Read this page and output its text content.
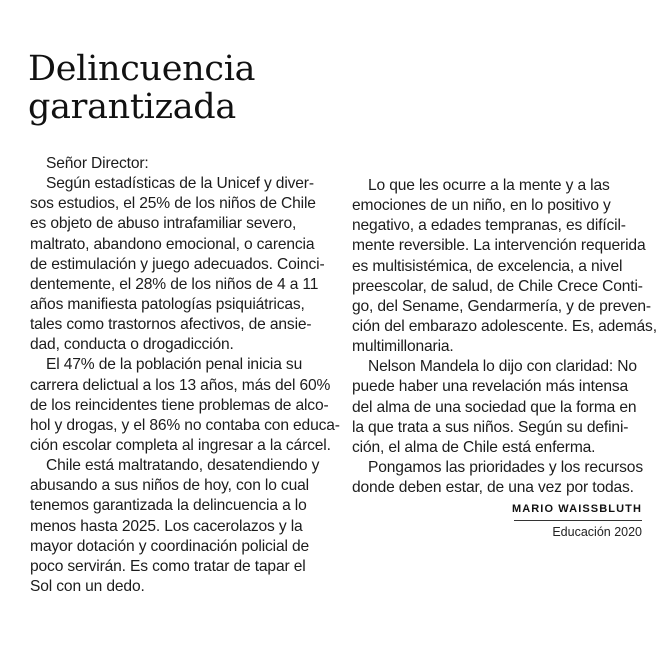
Delincuencia
garantizada
Señor Director:
Según estadísticas de la Unicef y diver-
sos estudios, el 25% de los niños de Chile
es objeto de abuso intrafamiliar severo,
maltrato, abandono emocional, o carencia
de estimulación y juego adecuados. Coinci-
dentemente, el 28% de los niños de 4 a 11
años manifiesta patologías psiquiátricas,
tales como trastornos afectivos, de ansie-
dad, conducta o drogadicción.
El 47% de la población penal inicia su
carrera delictual a los 13 años, más del 60%
de los reincidentes tiene problemas de alco-
hol y drogas, y el 86% no contaba con educa-
ción escolar completa al ingresar a la cárcel.
Chile está maltratando, desatendiendo y
abusando a sus niños de hoy, con lo cual
tenemos garantizada la delincuencia a lo
menos hasta 2025. Los cacerolazos y la
mayor dotación y coordinación policial de
poco servirán. Es como tratar de tapar el
Sol con un dedo.
Lo que les ocurre a la mente y a las
emociones de un niño, en lo positivo y
negativo, a edades tempranas, es difícil-
mente reversible. La intervención requerida
es multisistémica, de excelencia, a nivel
preescolar, de salud, de Chile Crece Conti-
go, del Sename, Gendarmería, y de preven-
ción del embarazo adolescente. Es, además,
multimillonaria.
Nelson Mandela lo dijo con claridad: No
puede haber una revelación más intensa
del alma de una sociedad que la forma en
la que trata a sus niños. Según su defini-
ción, el alma de Chile está enferma.
Pongamos las prioridades y los recursos
donde deben estar, de una vez por todas.
MARIO WAISSBLUTH
Educación 2020
